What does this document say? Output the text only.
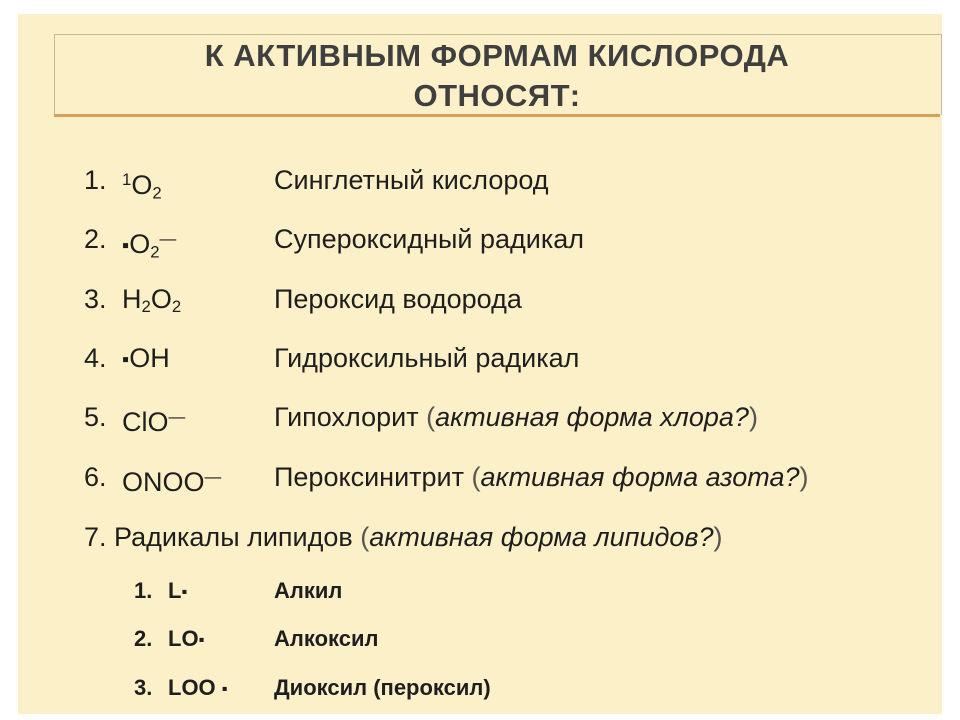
К АКТИВНЫМ ФОРМАМ КИСЛОРОДА
ОТНОСЯТ:
1. $^1O_2$	Синглетный кислород
2. $▪O_2^—$	Супероксидный радикал
3. $H_2O_2$	Пероксид водорода
4. ▪OH	Гидроксильный радикал
5. ClO—	Гипохлорит (активная форма хлора?)
6. ONOO— Пероксинитрит (активная форма азота?)
7. Радикалы липидов (активная форма липидов?)
1. L▪	Алкил
2. LO▪	Алкоксил
3. LOO ▪ Диоксил (пероксил)
